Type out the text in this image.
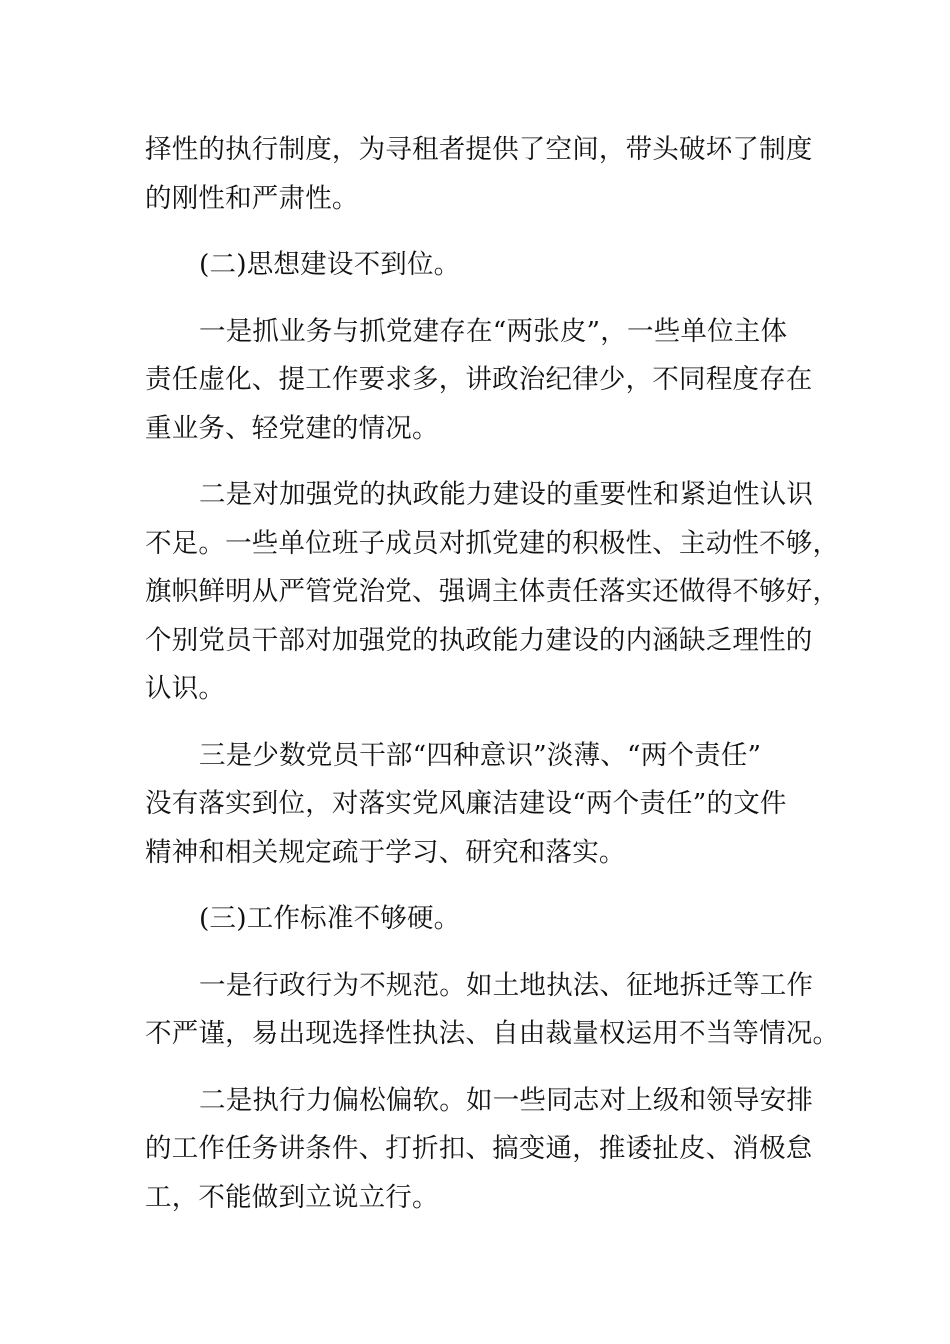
择性的执行制度，为寻租者提供了空间，带头破坏了制度
的刚性和严肃性。
(二)思想建设不到位。
一是抓业务与抓党建存在“两张皮”，一些单位主体
责任虚化、提工作要求多，讲政治纪律少，不同程度存在
重业务、轻党建的情况。
二是对加强党的执政能力建设的重要性和紧迫性认识
不足。一些单位班子成员对抓党建的积极性、主动性不够，
旗帜鲜明从严管党治党、强调主体责任落实还做得不够好，
个别党员干部对加强党的执政能力建设的内涵缺乏理性的
认识。
三是少数党员干部“四种意识”淡薄、“两个责任”
没有落实到位，对落实党风廉洁建设“两个责任”的文件
精神和相关规定疏于学习、研究和落实。
(三)工作标准不够硬。
一是行政行为不规范。如土地执法、征地拆迁等工作
不严谨，易出现选择性执法、自由裁量权运用不当等情况。
二是执行力偏松偏软。如一些同志对上级和领导安排
的工作任务讲条件、打折扣、搞变通，推诿扯皮、消极怠
工，不能做到立说立行。
